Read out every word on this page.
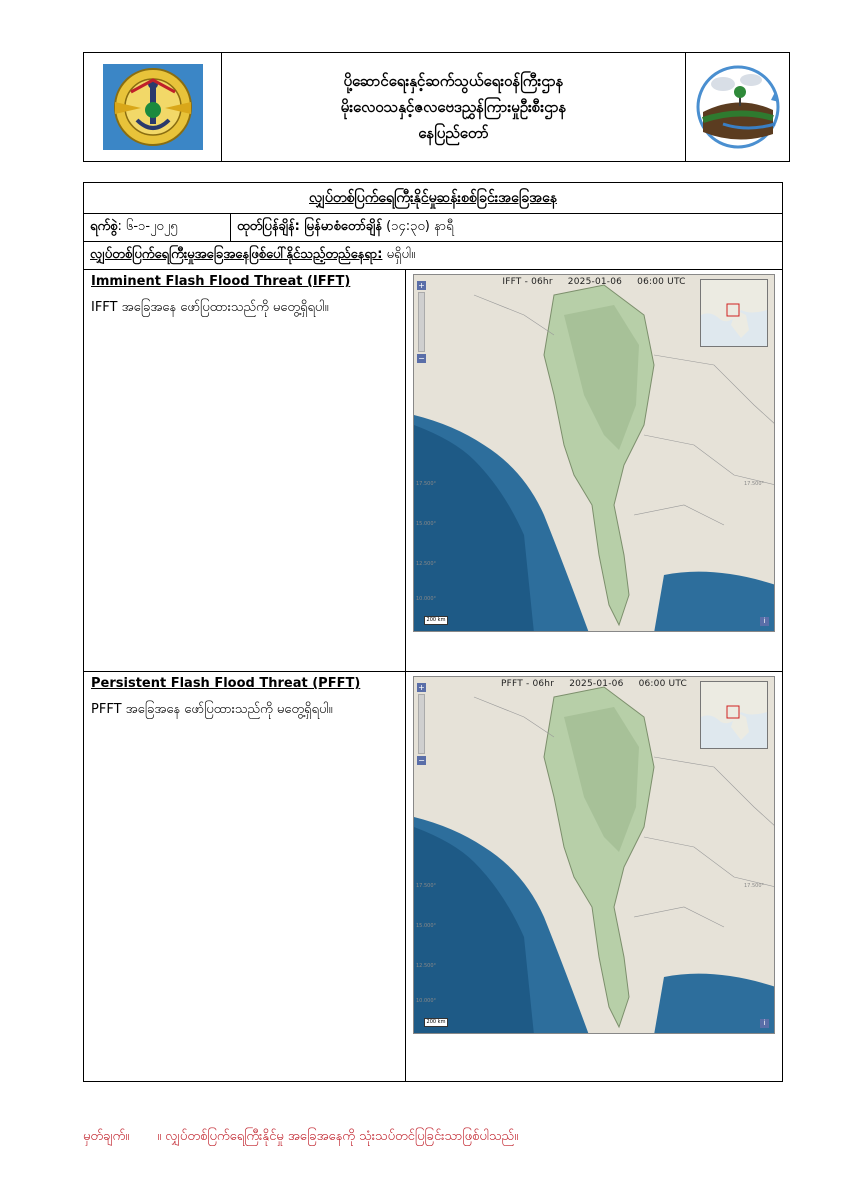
ပို့ဆောင်ရေးနှင့်ဆက်သွယ်ရေးဝန်ကြီးဌာန
မိုးလေဝသနှင့်ဇလဗေဒညွှန်ကြားမှုဦးစီးဌာန
နေပြည်တော်
လျှပ်တစ်ပြက်ရေကြီးနိုင်မှုဆန်းစစ်ခြင်းအခြေအနေ
ရက်စွဲ : ၆-၁-၂၀၂၅	ထုတ်ပြန်ချိန်: မြန်မာစံတော်ချိန်
(၁၄:၃၀) နာရီ
လျှပ်တစ်ပြက်ရေကြီးမှုအခြေအနေဖြစ်ပေါ်နိုင်သည့်တည်နေရာ:
မရှိပါ။
Imminent Flash Flood Threat (IFFT)
IFFT အခြေအနေ ဖော်ပြထားသည်ကို မတွေ့ရှိရပါ။
17.500°
15.000°
12.500°
10.000°
17.500°
IFFT - 06hr 2025-01-06 06:00 UTC
+
−
200 km	i
Persistent Flash Flood Threat (PFFT)
PFFT အခြေအနေ ဖော်ပြထားသည်ကို မတွေ့ရှိရပါ။
17.500°
15.000°
12.500°
10.000°
17.500°
PFFT - 06hr 2025-01-06 06:00 UTC
+
−
200 km	i
မှတ်ချက်။ ။ လျှပ်တစ်ပြက်ရေကြီးနိုင်မှု အခြေအနေကို သုံးသပ်တင်ပြခြင်းသာဖြစ်ပါသည်။
